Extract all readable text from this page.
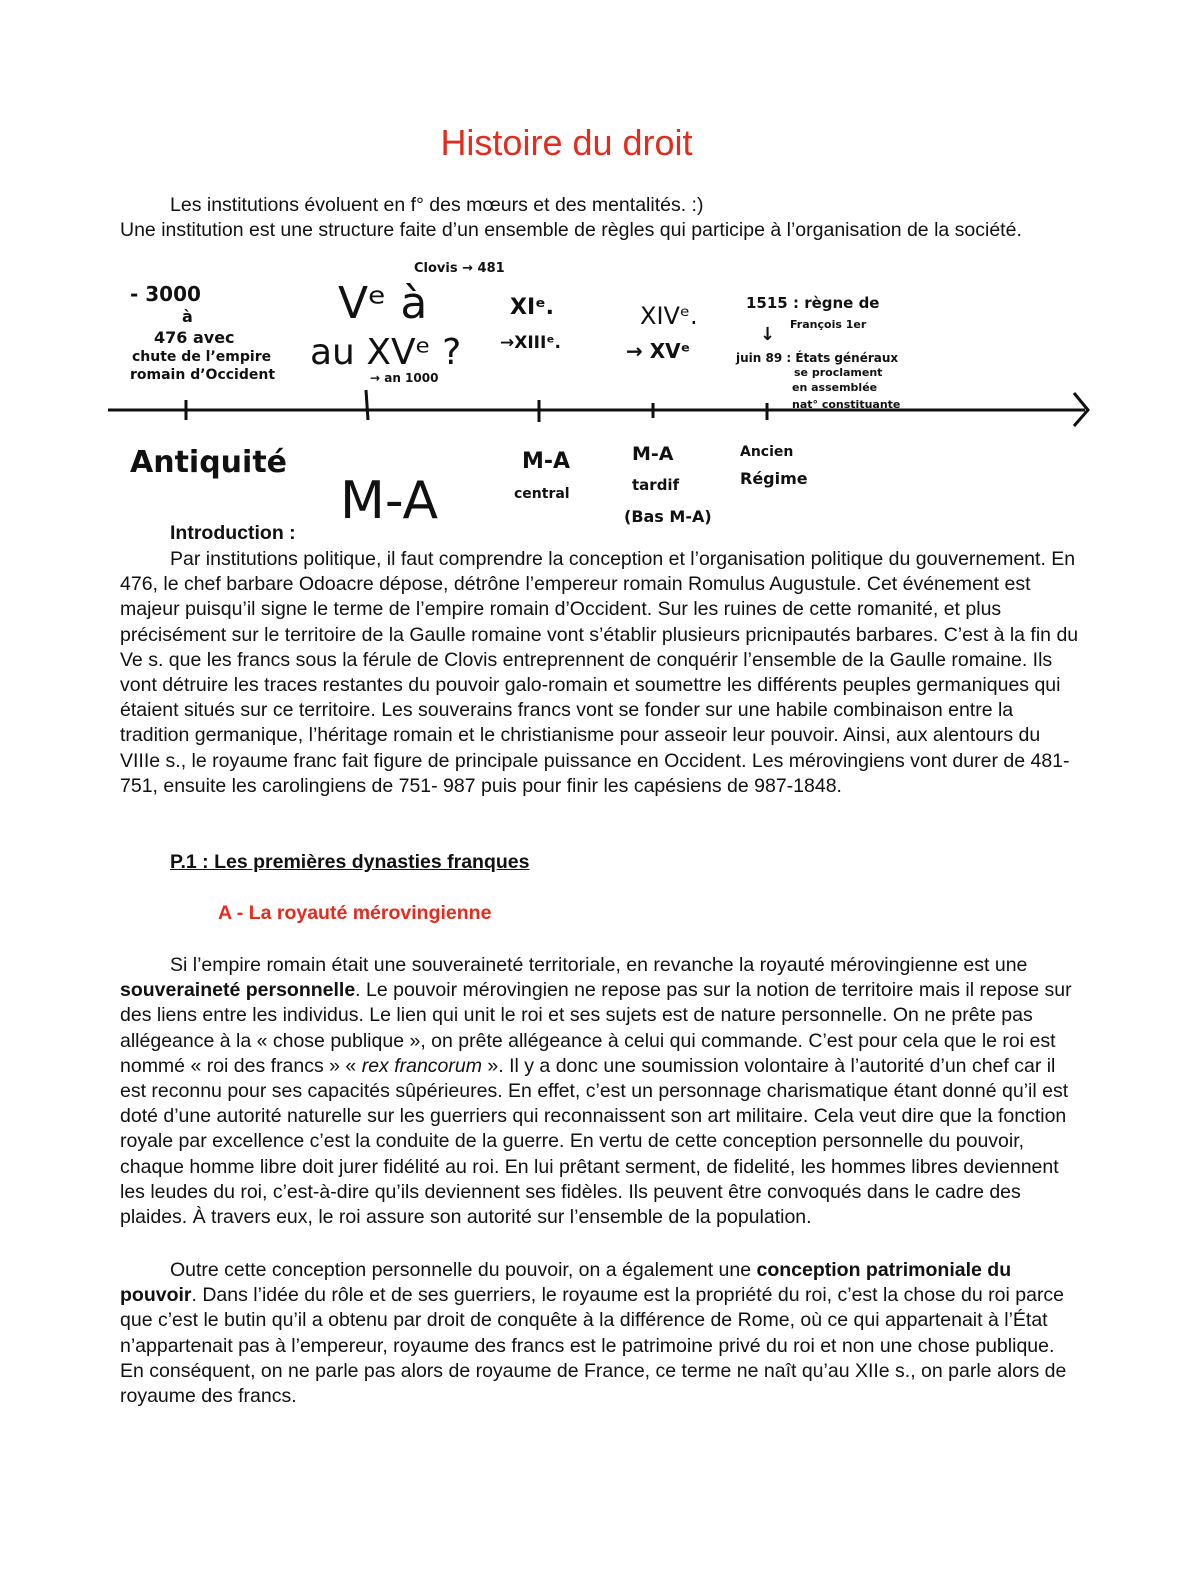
Histoire du droit
Les institutions évoluent en f° des mœurs et des mentalités. :)
Une institution est une structure faite d’un ensemble de règles qui participe à l’organisation de la société.
- 3000
à
476 avec
chute de l’empire
romain d’Occident
Clovis → 481
Vᵉ à
au XVᵉ ?
→ an 1000
XIᵉ.
→XIIIᵉ.
XIVᵉ.
→ XVᵉ
1515 : règne de
François 1er
↓
juin 89 : États généraux
se proclament
en assemblée
nat° constituante
Antiquité
M-A
M-A
central
M-A
tardif
(Bas M-A)
Ancien
Régime
Introduction :
Par institutions politique, il faut comprendre la conception et l’organisation politique du gouvernement. En 476, le chef barbare Odoacre dépose, détrône l’empereur romain Romulus Augustule. Cet événement est majeur puisqu’il signe le terme de l’empire romain d’Occident. Sur les ruines de cette romanité, et plus précisément sur le territoire de la Gaulle romaine vont s’établir plusieurs pricnipautés barbares. C’est à la fin du Ve s. que les francs sous la férule de Clovis entreprennent de conquérir l’ensemble de la Gaulle romaine. Ils vont détruire les traces restantes du pouvoir galo-romain et soumettre les différents peuples germaniques qui étaient situés sur ce territoire. Les souverains francs vont se fonder sur une habile combinaison entre la tradition germanique, l’héritage romain et le christianisme pour asseoir leur pouvoir. Ainsi, aux alentours du VIIIe s., le royaume franc fait figure de principale puissance en Occident. Les mérovingiens vont durer de 481-751, ensuite les carolingiens de 751- 987 puis pour finir les capésiens de 987-1848.
P.1 : Les premières dynasties franques
A - La royauté mérovingienne
Si l’empire romain était une souveraineté territoriale, en revanche la royauté mérovingienne est une souveraineté personnelle. Le pouvoir mérovingien ne repose pas sur la notion de territoire mais il repose sur des liens entre les individus. Le lien qui unit le roi et ses sujets est de nature personnelle. On ne prête pas allégeance à la « chose publique », on prête allégeance à celui qui commande. C’est pour cela que le roi est nommé « roi des francs » « rex francorum ». Il y a donc une soumission volontaire à l’autorité d’un chef car il est reconnu pour ses capacités sûpérieures. En effet, c’est un personnage charismatique étant donné qu’il est doté d’une autorité naturelle sur les guerriers qui reconnaissent son art militaire. Cela veut dire que la fonction royale par excellence c’est la conduite de la guerre. En vertu de cette conception personnelle du pouvoir, chaque homme libre doit jurer fidélité au roi. En lui prêtant serment, de fidelité, les hommes libres deviennent les leudes du roi, c’est-à-dire qu’ils deviennent ses fidèles. Ils peuvent être convoqués dans le cadre des plaides. À travers eux, le roi assure son autorité sur l’ensemble de la population.
Outre cette conception personnelle du pouvoir, on a également une conception patrimoniale du pouvoir. Dans l’idée du rôle et de ses guerriers, le royaume est la propriété du roi, c’est la chose du roi parce que c’est le butin qu’il a obtenu par droit de conquête à la différence de Rome, où ce qui appartenait à l’État n’appartenait pas à l’empereur, royaume des francs est le patrimoine privé du roi et non une chose publique. En conséquent, on ne parle pas alors de royaume de France, ce terme ne naît qu’au XIIe s., on parle alors de royaume des francs.
